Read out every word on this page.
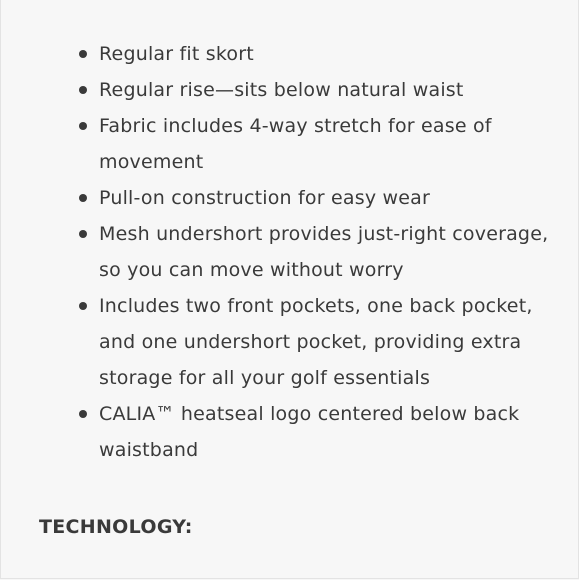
Regular fit skort
Regular rise—sits below natural waist
Fabric includes 4-way stretch for ease of movement
Pull-on construction for easy wear
Mesh undershort provides just-right coverage, so you can move without worry
Includes two front pockets, one back pocket, and one undershort pocket, providing extra storage for all your golf essentials
CALIA™ heatseal logo centered below back waistband
TECHNOLOGY:
